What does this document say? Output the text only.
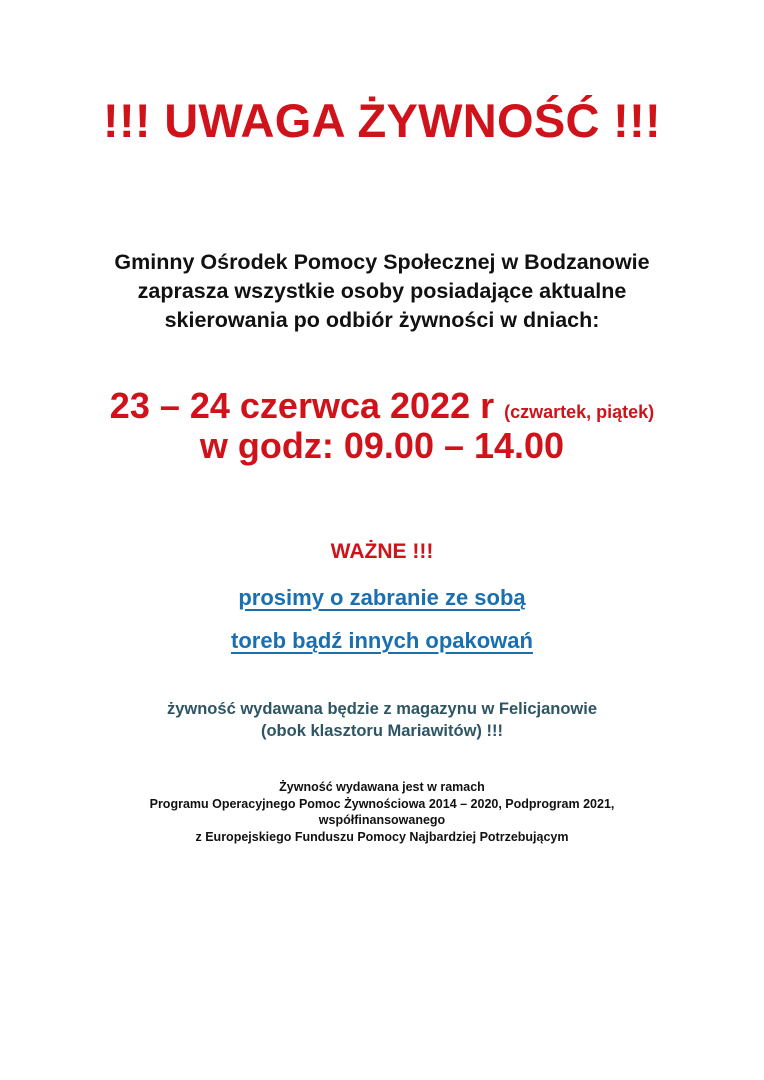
!!! UWAGA ŻYWNOŚĆ !!!
Gminny Ośrodek Pomocy Społecznej w Bodzanowie
zaprasza wszystkie osoby posiadające aktualne
skierowania po odbiór żywności w dniach:
23 – 24 czerwca 2022 r (czwartek, piątek)
w godz: 09.00 – 14.00
WAŻNE !!!
prosimy o zabranie ze sobą
toreb bądź innych opakowań
żywność wydawana będzie z magazynu w Felicjanowie
(obok klasztoru Mariawitów) !!!
Żywność wydawana jest w ramach
Programu Operacyjnego Pomoc Żywnościowa 2014 – 2020, Podprogram 2021,
współfinansowanego
z Europejskiego Funduszu Pomocy Najbardziej Potrzebującym
